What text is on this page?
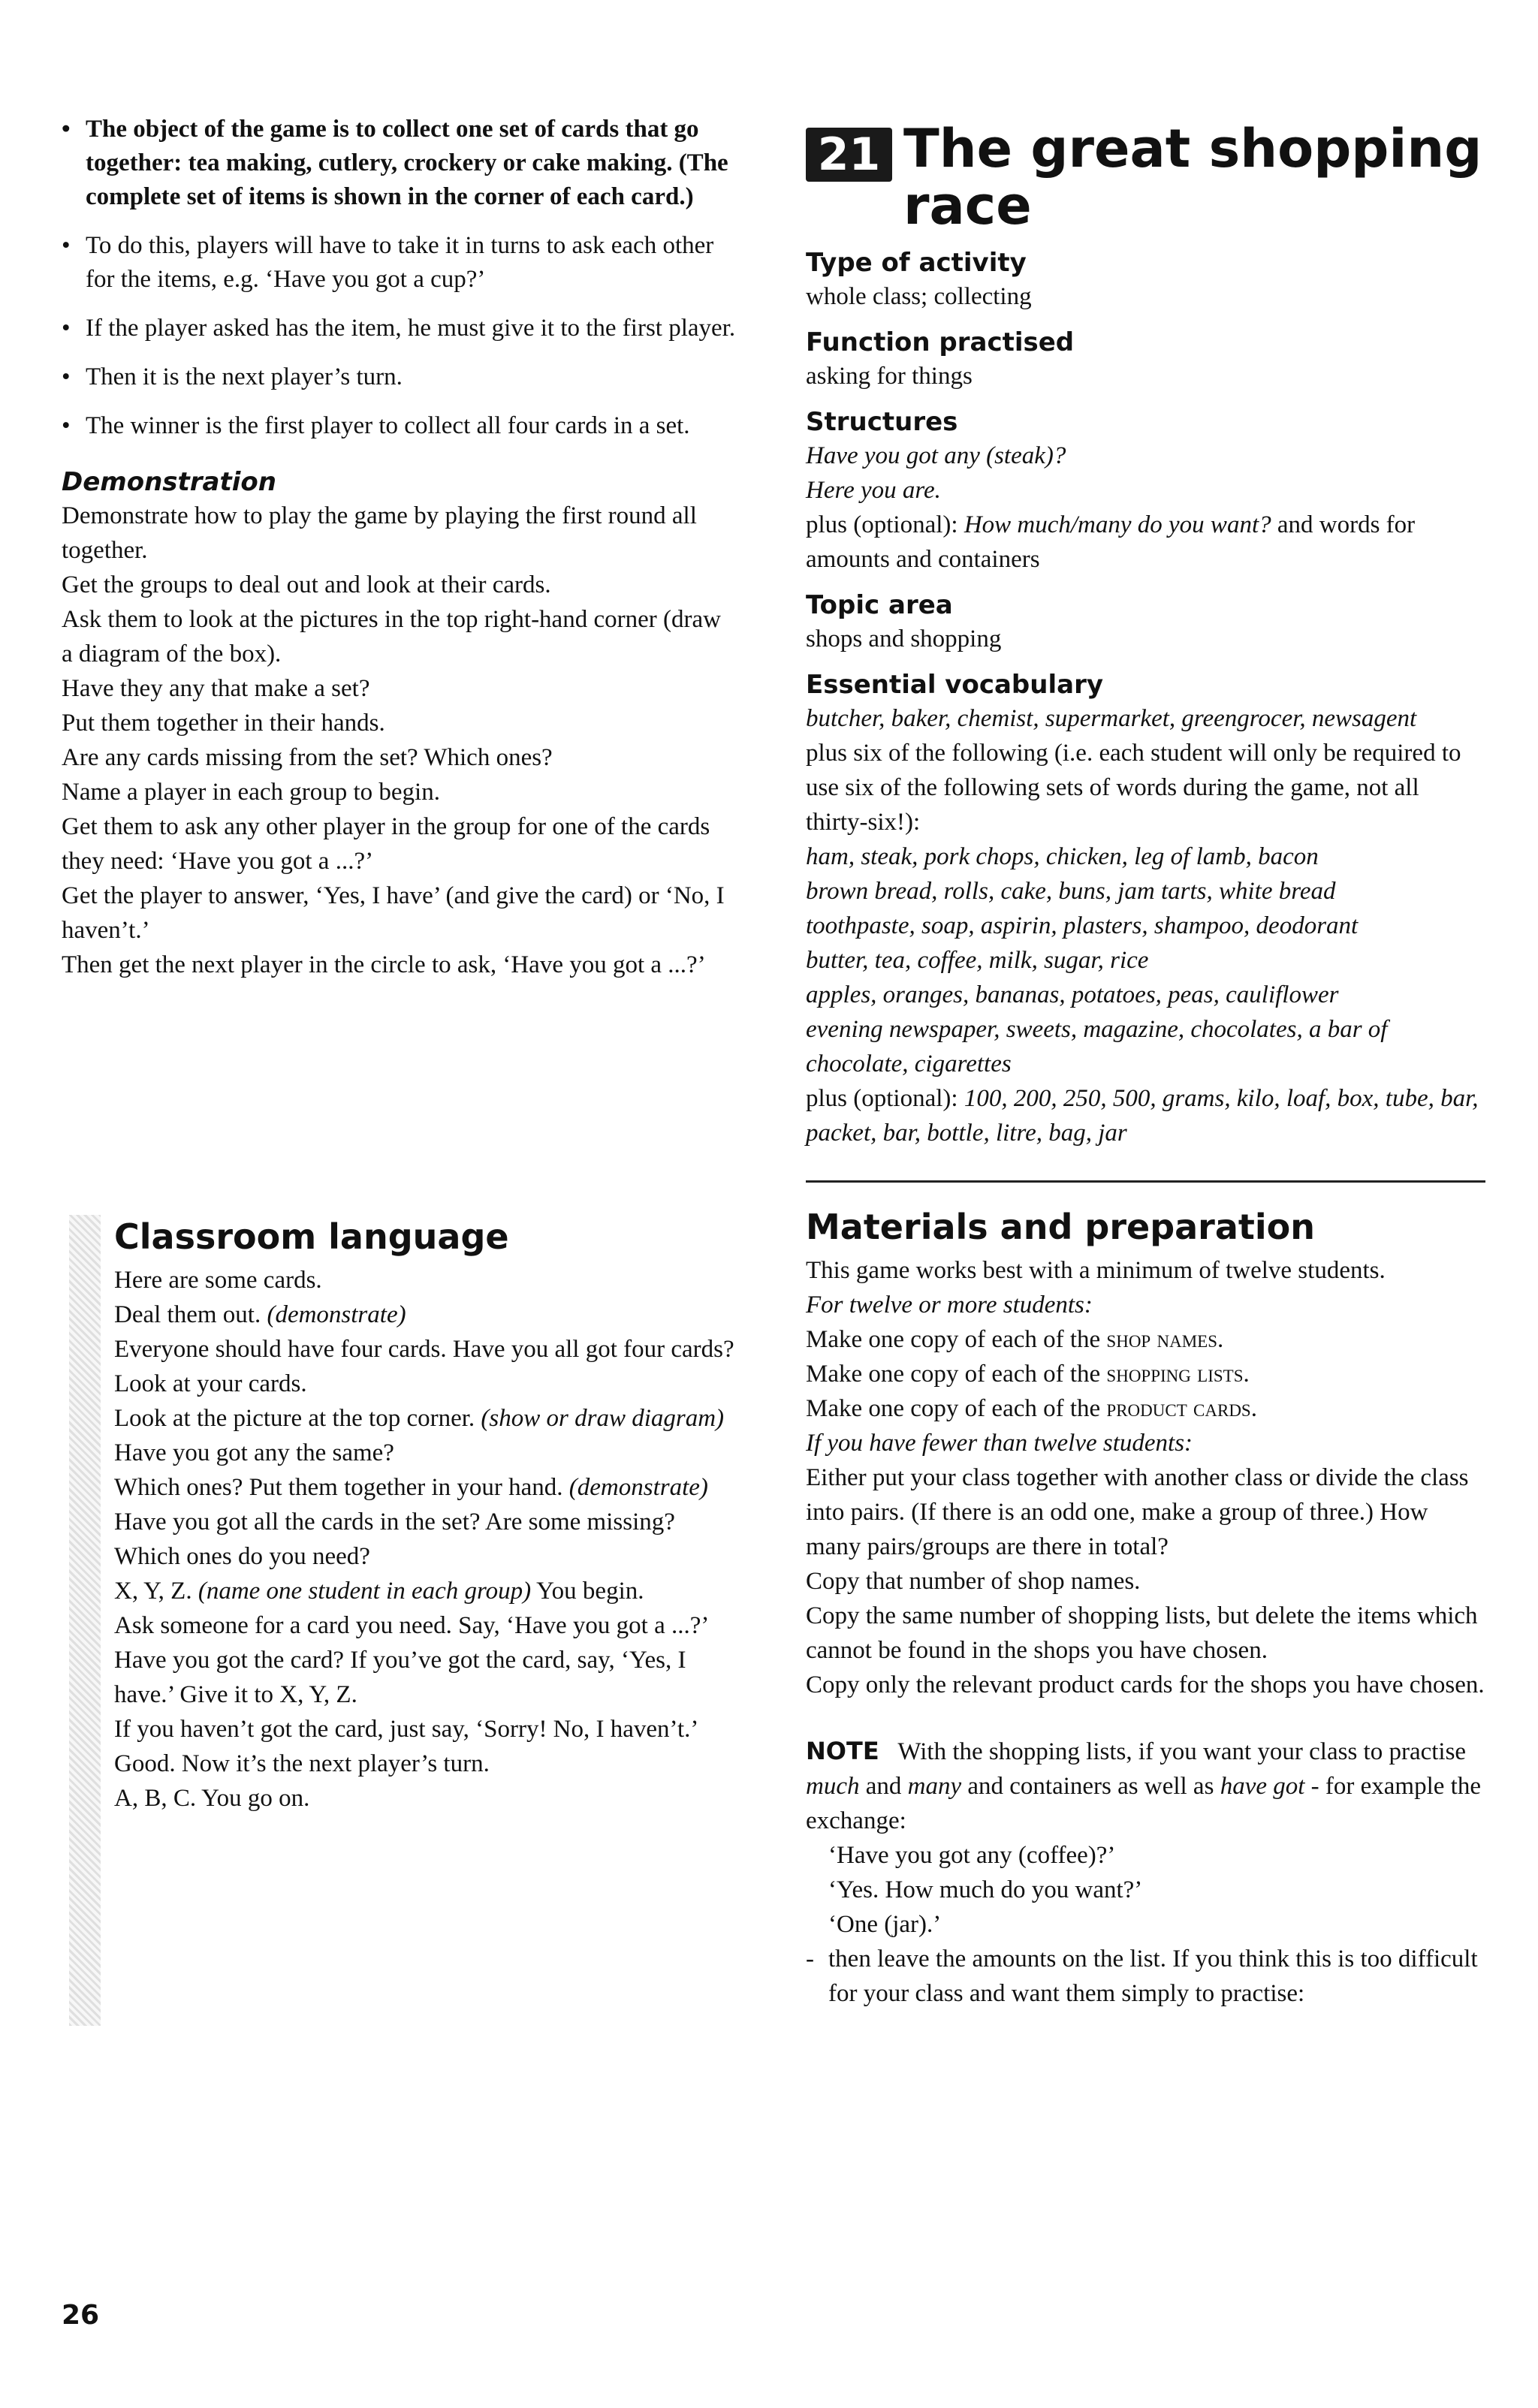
• The object of the game is to collect one set of cards that go together: tea making, cutlery, crockery or cake making. (The complete set of items is shown in the corner of each card.)
• To do this, players will have to take it in turns to ask each other for the items, e.g. ‘Have you got a cup?’
• If the player asked has the item, he must give it to the first player.
• Then it is the next player’s turn.
• The winner is the first player to collect all four cards in a set.

Demonstration

Demonstrate how to play the game by playing the first round all together.

Get the groups to deal out and look at their cards.

Ask them to look at the pictures in the top right-hand corner (draw a diagram of the box).

Have they any that make a set?

Put them together in their hands.

Are any cards missing from the set? Which ones?

Name a player in each group to begin.

Get them to ask any other player in the group for one of the cards they need: ‘Have you got a ...?’

Get the player to answer, ‘Yes, I have’ (and give the card) or ‘No, I haven’t.’

Then get the next player in the circle to ask, ‘Have you got a ...?’

Classroom language

Here are some cards.

Deal them out. (demonstrate)

Everyone should have four cards. Have you all got four cards?

Look at your cards.

Look at the picture at the top corner. (show or draw diagram)

Have you got any the same?

Which ones? Put them together in your hand. (demonstrate)

Have you got all the cards in the set? Are some missing?

Which ones do you need?

X, Y, Z. (name one student in each group) You begin.

Ask someone for a card you need. Say, ‘Have you got a ...?’

Have you got the card? If you’ve got the card, say, ‘Yes, I have.’ Give it to X, Y, Z.

If you haven’t got the card, just say, ‘Sorry! No, I haven’t.’

Good. Now it’s the next player’s turn.

A, B, C. You go on.

21 The great shopping race

Type of activity

whole class; collecting

Function practised

asking for things

Structures

Have you got any (steak)?

Here you are.

plus (optional): How much/many do you want? and words for amounts and containers

Topic area

shops and shopping

Essential vocabulary

butcher, baker, chemist, supermarket, greengrocer, newsagent

plus six of the following (i.e. each student will only be required to use six of the following sets of words during the game, not all thirty-six!):

ham, steak, pork chops, chicken, leg of lamb, bacon

brown bread, rolls, cake, buns, jam tarts, white bread

toothpaste, soap, aspirin, plasters, shampoo, deodorant

butter, tea, coffee, milk, sugar, rice

apples, oranges, bananas, potatoes, peas, cauliflower

evening newspaper, sweets, magazine, chocolates, a bar of chocolate, cigarettes

plus (optional): 100, 200, 250, 500, grams, kilo, loaf, box, tube, bar, packet, bar, bottle, litre, bag, jar

Materials and preparation

This game works best with a minimum of twelve students.

For twelve or more students:

Make one copy of each of the shop names.

Make one copy of each of the shopping lists.

Make one copy of each of the product cards.

If you have fewer than twelve students:

Either put your class together with another class or divide the class into pairs. (If there is an odd one, make a group of three.) How many pairs/groups are there in total?

Copy that number of shop names.

Copy the same number of shopping lists, but delete the items which cannot be found in the shops you have chosen.

Copy only the relevant product cards for the shops you have chosen.

NOTE With the shopping lists, if you want your class to practise much and many and containers as well as have got - for example the exchange:

‘Have you got any (coffee)?’

‘Yes. How much do you want?’

‘One (jar).’

- then leave the amounts on the list. If you think this is too difficult for your class and want them simply to practise:

26
